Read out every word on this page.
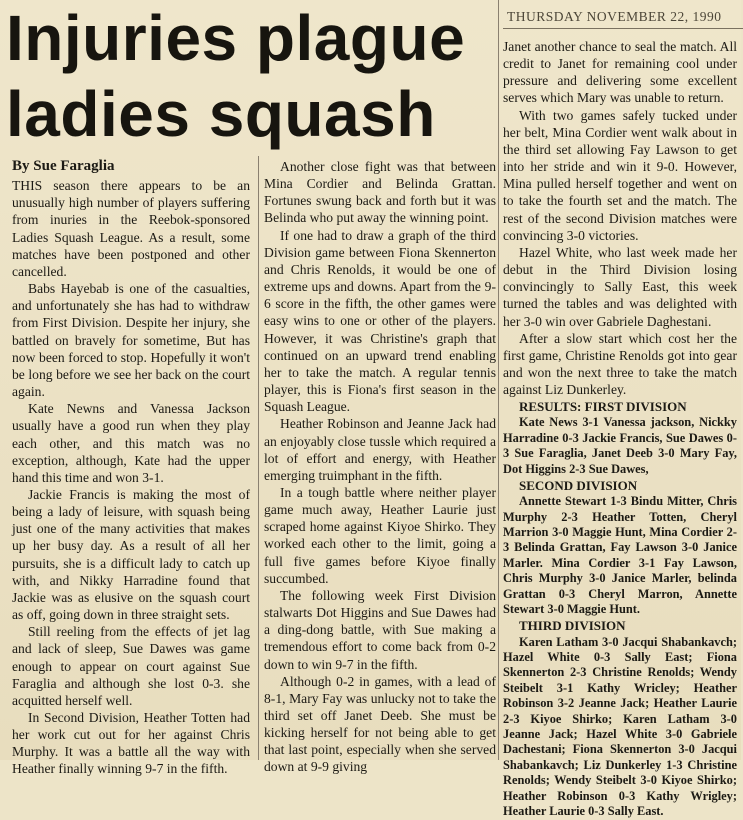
THURSDAY NOVEMBER 22, 1990
Injuries plague
ladies squash
By Sue Faraglia

THIS season there appears to be an unusually high number of players suffering from inuries in the Reebok-sponsored Ladies Squash League. As a result, some matches have been postponed and other cancelled.

Babs Hayebab is one of the casualties, and unfortunately she has had to withdraw from First Division. Despite her injury, she battled on bravely for sometime, But has now been forced to stop. Hopefully it won't be long before we see her back on the court again.

Kate Newns and Vanessa Jackson usually have a good run when they play each other, and this match was no exception, although, Kate had the upper hand this time and won 3-1.

Jackie Francis is making the most of being a lady of leisure, with squash being just one of the many activities that makes up her busy day. As a result of all her pursuits, she is a difficult lady to catch up with, and Nikky Harradine found that Jackie was as elusive on the squash court as off, going down in three straight sets.

Still reeling from the effects of jet lag and lack of sleep, Sue Dawes was game enough to appear on court against Sue Faraglia and although she lost 0-3. she acquitted herself well.

In Second Division, Heather Totten had her work cut out for her against Chris Murphy. It was a battle all the way with Heather finally winning 9-7 in the fifth.

Another close fight was that between Mina Cordier and Belinda Grattan. Fortunes swung back and forth but it was Belinda who put away the winning point.

If one had to draw a graph of the third Division game between Fiona Skennerton and Chris Renolds, it would be one of extreme ups and downs. Apart from the 9-6 score in the fifth, the other games were easy wins to one or other of the players. However, it was Christine's graph that continued on an upward trend enabling her to take the match. A regular tennis player, this is Fiona's first season in the Squash League.

Heather Robinson and Jeanne Jack had an enjoyably close tussle which required a lot of effort and energy, with Heather emerging truimphant in the fifth.

In a tough battle where neither player game much away, Heather Laurie just scraped home against Kiyoe Shirko. They worked each other to the limit, going a full five games before Kiyoe finally succumbed.

The following week First Division stalwarts Dot Higgins and Sue Dawes had a ding-dong battle, with Sue making a tremendous effort to come back from 0-2 down to win 9-7 in the fifth.

Although 0-2 in games, with a lead of 8-1, Mary Fay was unlucky not to take the third set off Janet Deeb. She must be kicking herself for not being able to get that last point, especially when she served down at 9-9 giving

Janet another chance to seal the match. All credit to Janet for remaining cool under pressure and delivering some excellent serves which Mary was unable to return.

With two games safely tucked under her belt, Mina Cordier went walk about in the third set allowing Fay Lawson to get into her stride and win it 9-0. However, Mina pulled herself together and went on to take the fourth set and the match. The rest of the second Division matches were convincing 3-0 victories.

Hazel White, who last week made her debut in the Third Division losing convincingly to Sally East, this week turned the tables and was delighted with her 3-0 win over Gabriele Daghestani.

After a slow start which cost her the first game, Christine Renolds got into gear and won the next three to take the match against Liz Dunkerley.

RESULTS: FIRST DIVISION

Kate News 3-1 Vanessa jackson, Nickky Harradine 0-3 Jackie Francis, Sue Dawes 0-3 Sue Faraglia, Janet Deeb 3-0 Mary Fay, Dot Higgins 2-3 Sue Dawes,

SECOND DIVISION

Annette Stewart 1-3 Bindu Mitter, Chris Murphy 2-3 Heather Totten, Cheryl Marrion 3-0 Maggie Hunt, Mina Cordier 2-3 Belinda Grattan, Fay Lawson 3-0 Janice Marler. Mina Cordier 3-1 Fay Lawson, Chris Murphy 3-0 Janice Marler, belinda Grattan 0-3 Cheryl Marron, Annette Stewart 3-0 Maggie Hunt.

THIRD DIVISION

Karen Latham 3-0 Jacqui Shabankavch; Hazel White 0-3 Sally East; Fiona Skennerton 2-3 Christine Renolds; Wendy Steibelt 3-1 Kathy Wricley; Heather Robinson 3-2 Jeanne Jack; Heather Laurie 2-3 Kiyoe Shirko; Karen Latham 3-0 Jeanne Jack; Hazel White 3-0 Gabriele Dachestani; Fiona Skennerton 3-0 Jacqui Shabankavch; Liz Dunkerley 1-3 Christine Renolds; Wendy Steibelt 3-0 Kiyoe Shirko; Heather Robinson 0-3 Kathy Wrigley; Heather Laurie 0-3 Sally East.
